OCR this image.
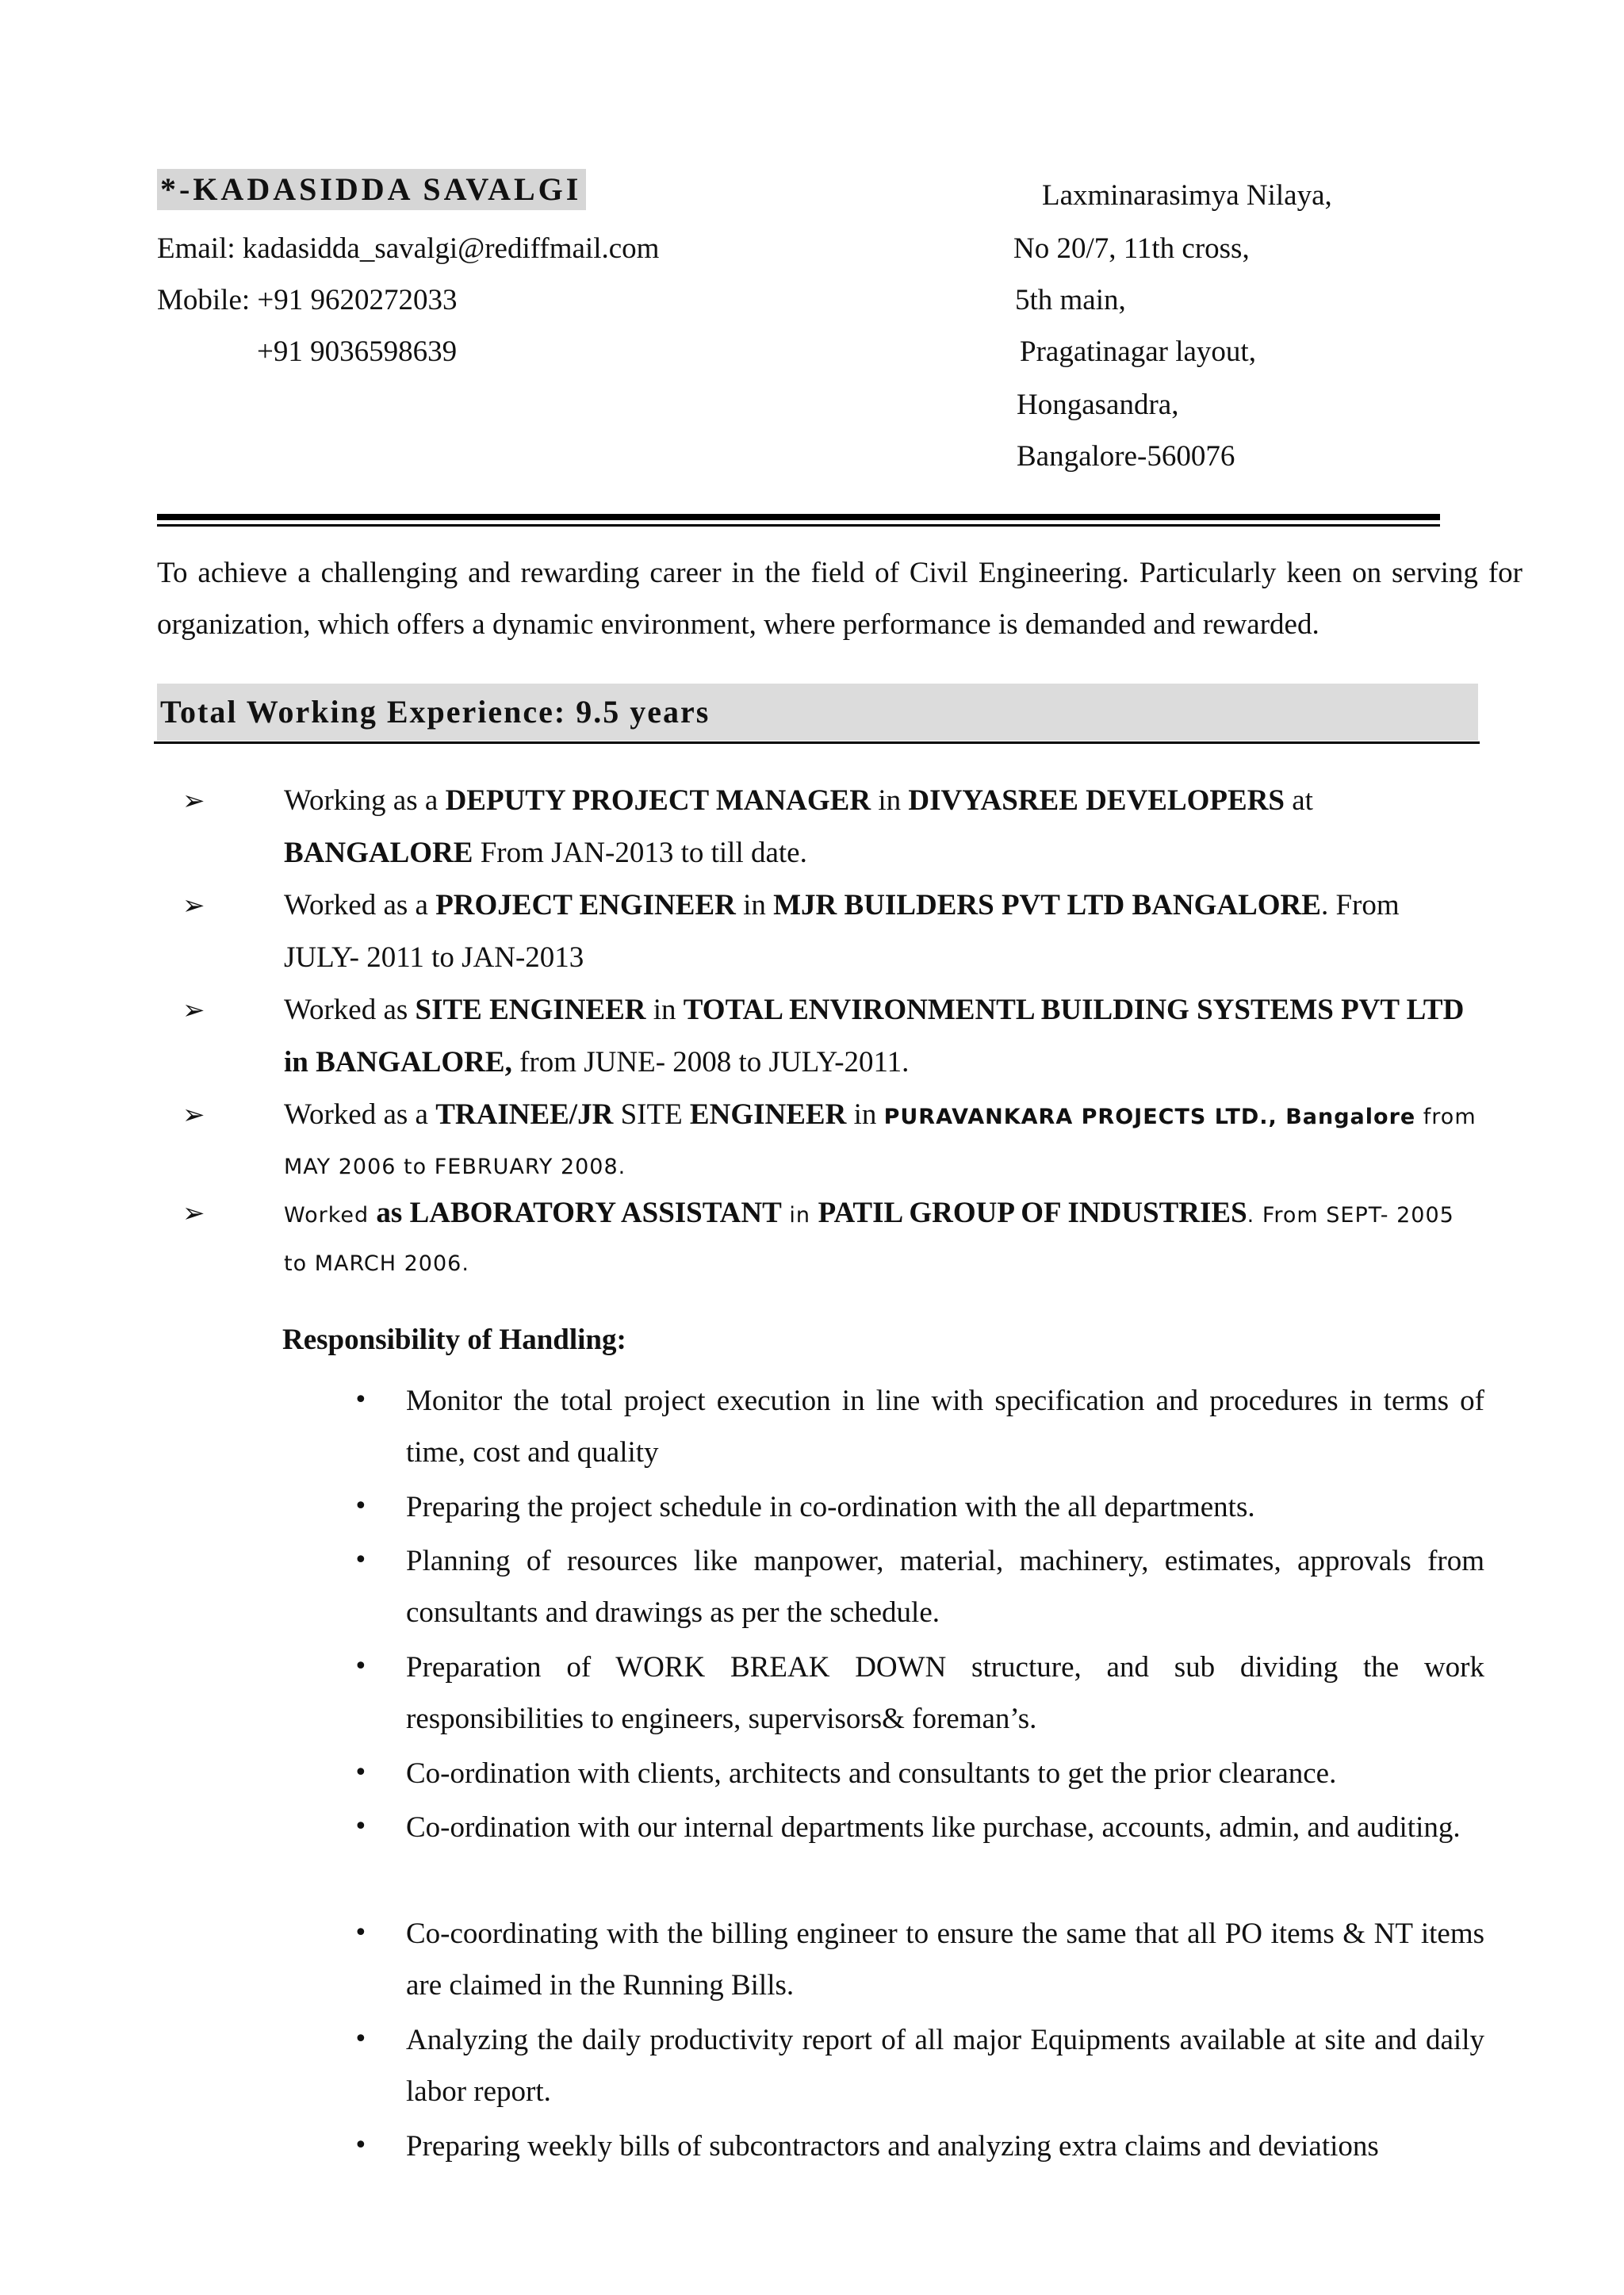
*-KADASIDDA SAVALGI
Email: kadasidda_savalgi@rediffmail.com
Mobile: +91 9620272033
+91 9036598639
Laxminarasimya Nilaya,
No 20/7, 11th cross,
5th main,
Pragatinagar layout,
Hongasandra,
Bangalore-560076
To achieve a challenging and rewarding career in the field of Civil Engineering. Particularly keen on serving for organization, which offers a dynamic environment, where performance is demanded and rewarded.
Total Working Experience: 9.5 years
➢	Working as a DEPUTY PROJECT MANAGER in DIVYASREE DEVELOPERS at
BANGALORE From JAN-2013 to till date.
➢	Worked as a PROJECT ENGINEER in MJR BUILDERS PVT LTD BANGALORE. From
JULY- 2011 to JAN-2013
➢	Worked as SITE ENGINEER in TOTAL ENVIRONMENTL BUILDING SYSTEMS PVT LTD
in BANGALORE, from JUNE- 2008 to JULY-2011.
➢	Worked as a TRAINEE/JR SITE ENGINEER in PURAVANKARA PROJECTS LTD., Bangalore from
MAY 2006 to FEBRUARY 2008.
➢	Worked as LABORATORY ASSISTANT in PATIL GROUP OF INDUSTRIES. From SEPT- 2005
to MARCH 2006.
Responsibility of Handling:
• Monitor the total project execution in line with specification and procedures in terms of time, cost and quality
• Preparing the project schedule in co-ordination with the all departments.
• Planning of resources like manpower, material, machinery, estimates, approvals from consultants and drawings as per the schedule.
• Preparation of WORK BREAK DOWN structure, and sub dividing the work responsibilities to engineers, supervisors& foreman’s.
• Co-ordination with clients, architects and consultants to get the prior clearance.
• Co-ordination with our internal departments like purchase, accounts, admin, and auditing.
• Co-coordinating with the billing engineer to ensure the same that all PO items & NT items are claimed in the Running Bills.
• Analyzing the daily productivity report of all major Equipments available at site and daily labor report.
• Preparing weekly bills of subcontractors and analyzing extra claims and deviations
